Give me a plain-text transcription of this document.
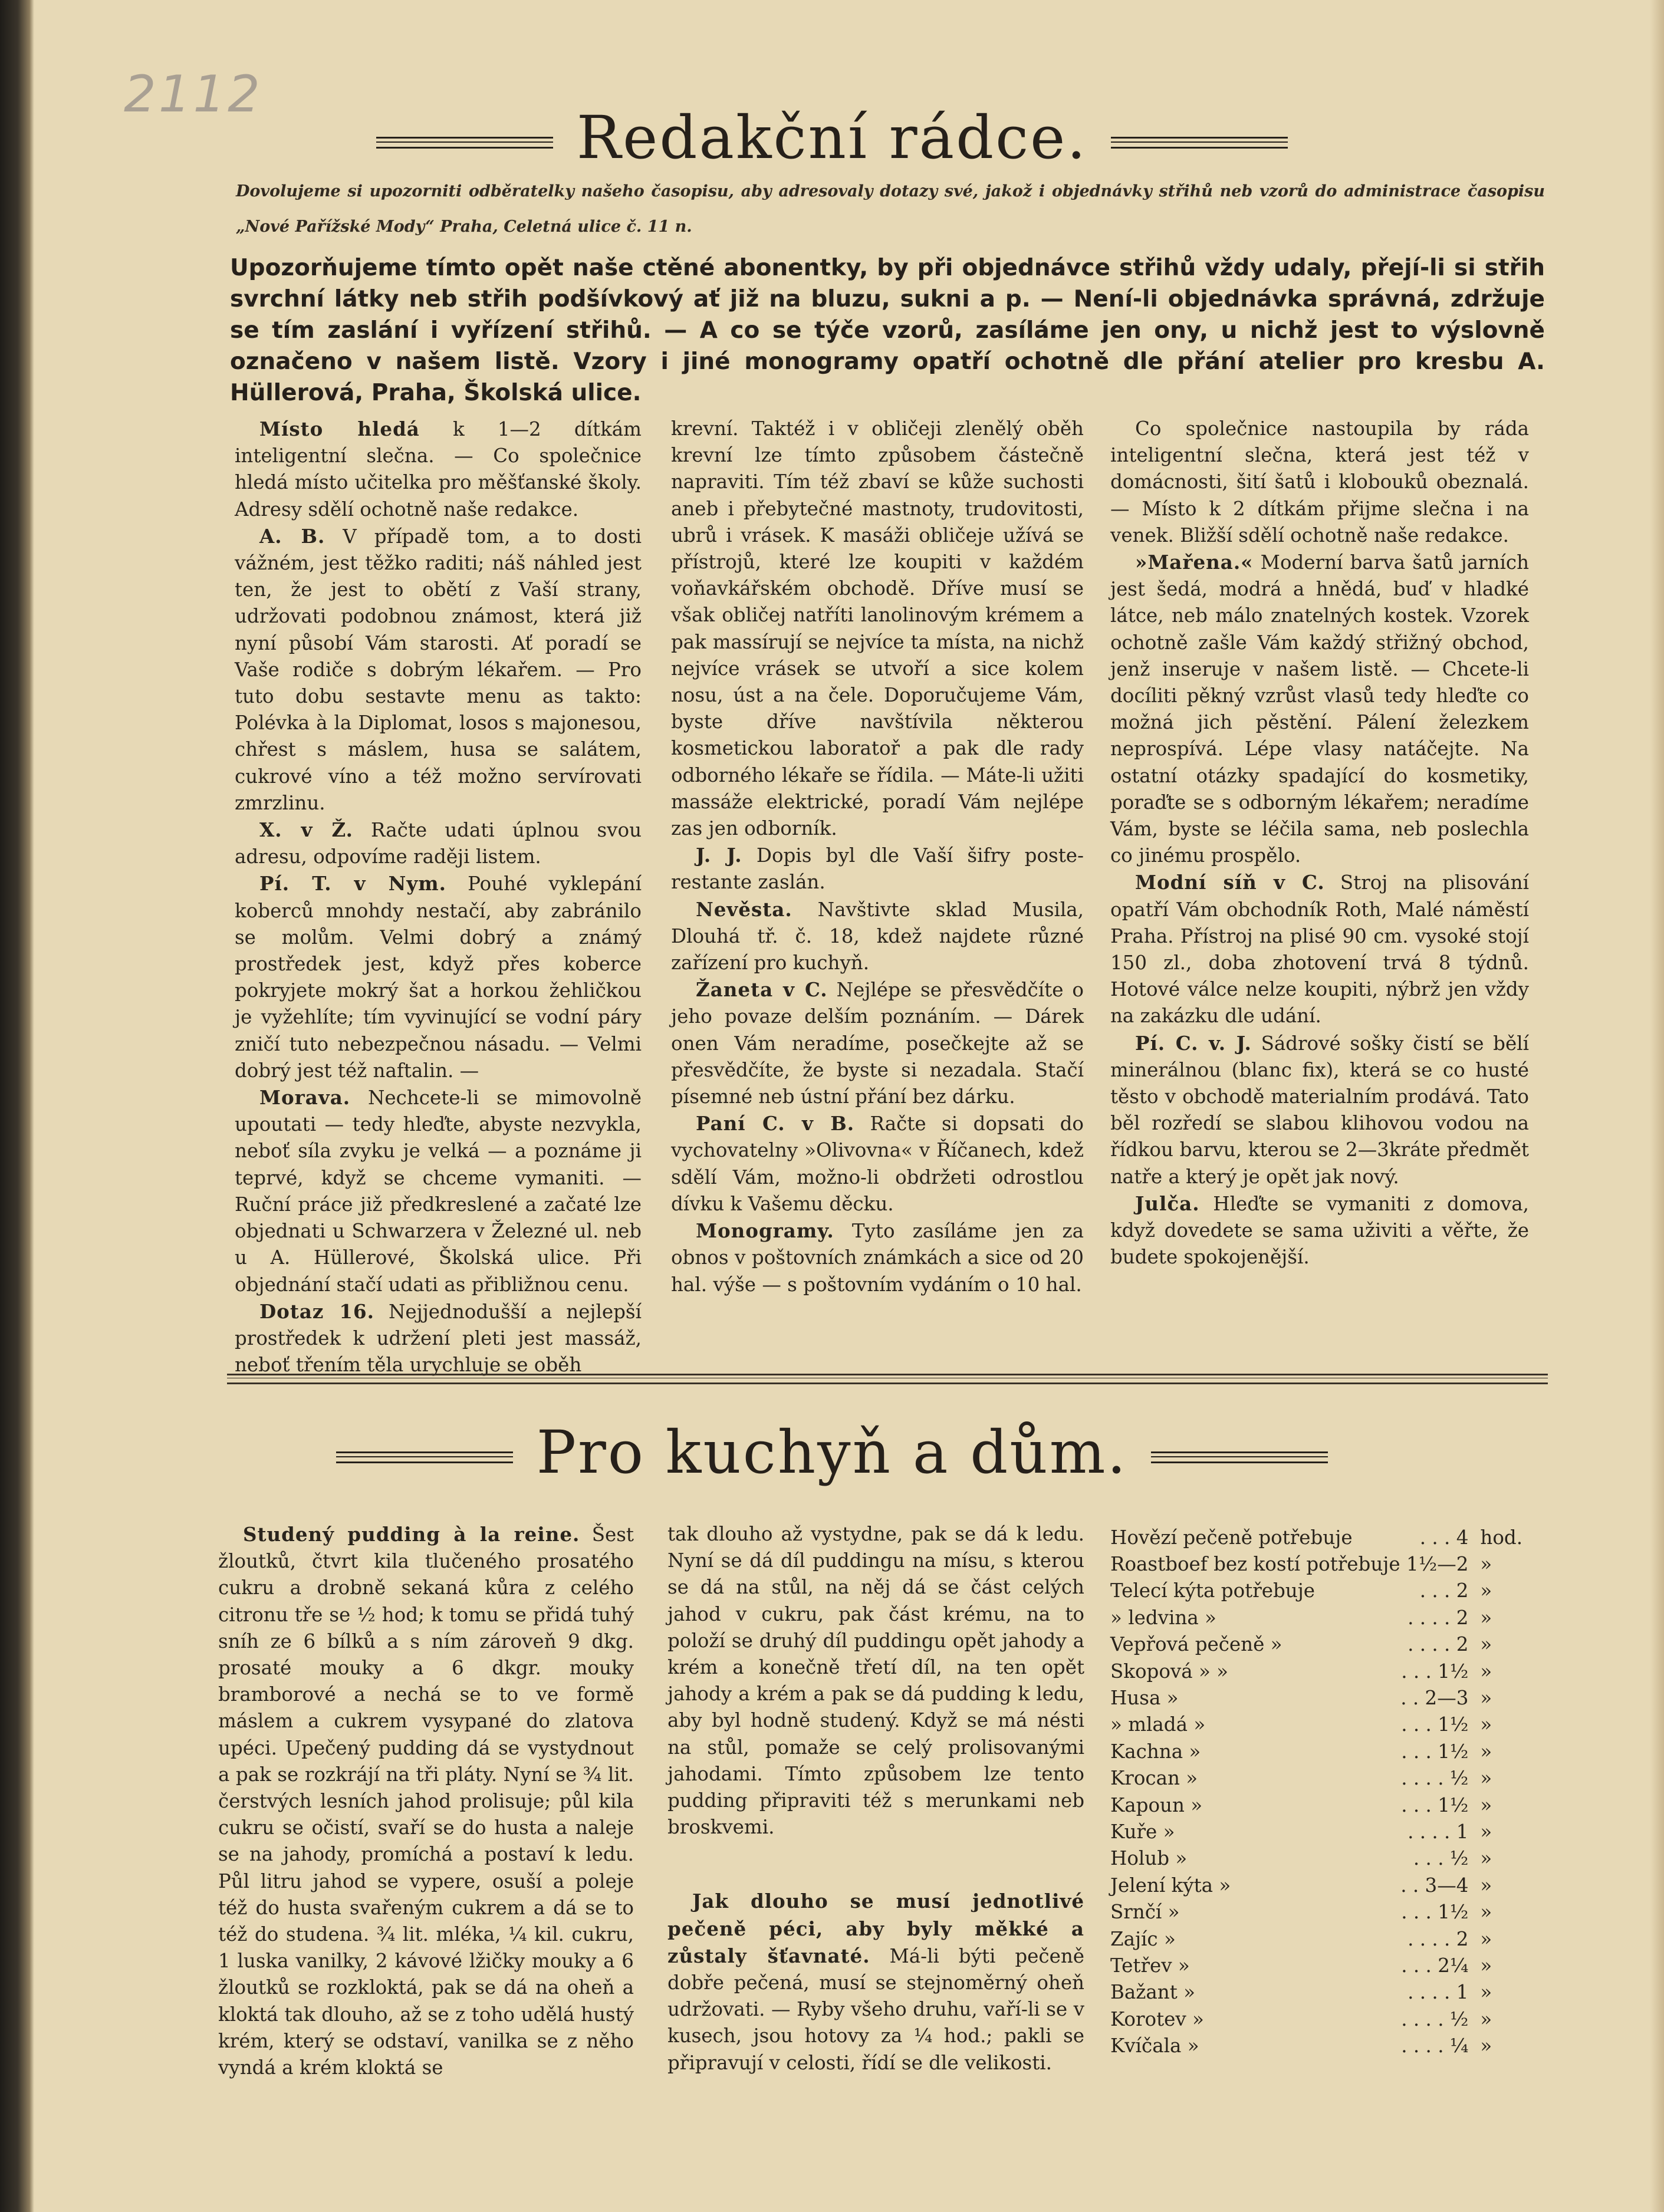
2112
Redakční rádce.
Dovolujeme si upozorniti odběratelky našeho časopisu, aby adresovaly dotazy své, jakož i objednávky střihů neb vzorů do administrace časopisu „Nové Pařížské Mody“ Praha, Celetná ulice č. 11 n.
Upozorňujeme tímto opět naše ctěné abonentky, by při objednávce střihů vždy udaly, přejí-li si střih svrchní látky neb střih podšívkový ať již na bluzu, sukni a p. — Není-li objednávka správná, zdržuje se tím zaslání i vyřízení střihů. — A co se týče vzorů, zasíláme jen ony, u nichž jest to výslovně označeno v našem listě. Vzory i jiné monogramy opatří ochotně dle přání atelier pro kresbu A. Hüllerová, Praha, Školská ulice.

Místo hledá k 1—2 dítkám inteligentní slečna. — Co společnice hledá místo učitelka pro měšťanské školy. Adresy sdělí ochotně naše redakce.

A. B. V případě tom, a to dosti vážném, jest těžko raditi; náš náhled jest ten, že jest to obětí z Vaší strany, udržovati podobnou známost, která již nyní působí Vám starosti. Ať poradí se Vaše rodiče s dobrým lékařem. — Pro tuto dobu sestavte menu as takto: Polévka à la Diplomat, losos s majonesou, chřest s máslem, husa se salátem, cukrové víno a též možno servírovati zmrzlinu.

X. v Ž. Račte udati úplnou svou adresu, odpovíme raději listem.

Pí. T. v Nym. Pouhé vyklepání koberců mnohdy nestačí, aby zabránilo se molům. Velmi dobrý a známý prostředek jest, když přes koberce pokryjete mokrý šat a horkou žehličkou je vyžehlíte; tím vyvinující se vodní páry zničí tuto nebezpečnou násadu. — Velmi dobrý jest též naftalin. —

Morava. Nechcete-li se mimovolně upoutati — tedy hleďte, abyste nezvykla, neboť síla zvyku je velká — a poznáme ji teprvé, když se chceme vymaniti. — Ruční práce již předkreslené a začaté lze objednati u Schwarzera v Železné ul. neb u A. Hüllerové, Školská ulice. Při objednání stačí udati as přibližnou cenu.

Dotaz 16. Nejjednodušší a nejlepší prostředek k udržení pleti jest massáž, neboť třením těla urychluje se oběh

krevní. Taktéž i v obličeji zlenělý oběh krevní lze tímto způsobem částečně napraviti. Tím též zbaví se kůže suchosti aneb i přebytečné mastnoty, trudovitosti, ubrů i vrásek. K masáži obličeje užívá se přístrojů, které lze koupiti v každém voňavkářském obchodě. Dříve musí se však obličej natříti lanolinovým krémem a pak massírují se nejvíce ta místa, na nichž nejvíce vrásek se utvoří a sice kolem nosu, úst a na čele. Doporučujeme Vám, byste dříve navštívila některou kosmetickou laboratoř a pak dle rady odborného lékaře se řídila. — Máte-li užiti massáže elektrické, poradí Vám nejlépe zas jen odborník.

J. J. Dopis byl dle Vaší šifry poste-restante zaslán.

Nevěsta. Navštivte sklad Musila, Dlouhá tř. č. 18, kdež najdete různé zařízení pro kuchyň.

Žaneta v C. Nejlépe se přesvědčíte o jeho povaze delším poznáním. — Dárek onen Vám neradíme, posečkejte až se přesvědčíte, že byste si nezadala. Stačí písemné neb ústní přání bez dárku.

Paní C. v B. Račte si dopsati do vychovatelny »Olivovna« v Říčanech, kdež sdělí Vám, možno-li obdržeti odrostlou dívku k Vašemu děcku.

Monogramy. Tyto zasíláme jen za obnos v poštovních známkách a sice od 20 hal. výše — s poštovním vydáním o 10 hal.

Co společnice nastoupila by ráda inteligentní slečna, která jest též v domácnosti, šití šatů i klobouků obeznalá. — Místo k 2 dítkám přijme slečna i na venek. Bližší sdělí ochotně naše redakce.

»Mařena.« Moderní barva šatů jarních jest šedá, modrá a hnědá, buď v hladké látce, neb málo znatelných kostek. Vzorek ochotně zašle Vám každý střižný obchod, jenž inseruje v našem listě. — Chcete-li docíliti pěkný vzrůst vlasů tedy hleďte co možná jich pěstění. Pálení železkem neprospívá. Lépe vlasy natáčejte. Na ostatní otázky spadající do kosmetiky, poraďte se s odborným lékařem; neradíme Vám, byste se léčila sama, neb poslechla co jinému prospělo.

Modní síň v C. Stroj na plisování opatří Vám obchodník Roth, Malé náměstí Praha. Přístroj na plisé 90 cm. vysoké stojí 150 zl., doba zhotovení trvá 8 týdnů. Hotové válce nelze koupiti, nýbrž jen vždy na zakázku dle udání.

Pí. C. v. J. Sádrové sošky čistí se bělí minerálnou (blanc fix), která se co husté těsto v obchodě materialním prodává. Tato běl rozředí se slabou klihovou vodou na řídkou barvu, kterou se 2—3kráte předmět natře a který je opět jak nový.

Julča. Hleďte se vymaniti z domova, když dovedete se sama uživiti a věřte, že budete spokojenější.

Pro kuchyň a dům.

Studený pudding à la reine. Šest žloutků, čtvrt kila tlučeného prosatého cukru a drobně sekaná kůra z celého citronu tře se ½ hod; k tomu se přidá tuhý sníh ze 6 bílků a s ním zároveň 9 dkg. prosaté mouky a 6 dkgr. mouky bramborové a nechá se to ve formě máslem a cukrem vysypané do zlatova upéci. Upečený pudding dá se vystydnout a pak se rozkrájí na tři pláty. Nyní se ¾ lit. čerstvých lesních jahod prolisuje; půl kila cukru se očistí, svaří se do husta a naleje se na jahody, promíchá a postaví k ledu. Půl litru jahod se vypere, osuší a poleje též do husta svařeným cukrem a dá se to též do studena. ¾ lit. mléka, ¼ kil. cukru, 1 luska vanilky, 2 kávové lžičky mouky a 6 žloutků se rozkloktá, pak se dá na oheň a kloktá tak dlouho, až se z toho udělá hustý krém, který se odstaví, vanilka se z něho vyndá a krém kloktá se

tak dlouho až vystydne, pak se dá k ledu. Nyní se dá díl puddingu na mísu, s kterou se dá na stůl, na něj dá se část celých jahod v cukru, pak část krému, na to položí se druhý díl puddingu opět jahody a krém a konečně třetí díl, na ten opět jahody a krém a pak se dá pudding k ledu, aby byl hodně studený. Když se má nésti na stůl, pomaže se celý prolisovanými jahodami. Tímto způsobem lze tento pudding připraviti též s merunkami neb broskvemi.

Jak dlouho se musí jednotlivé pečeně péci, aby byly měkké a zůstaly šťavnaté. Má-li býti pečeně dobře pečená, musí se stejnoměrný oheň udržovati. — Ryby všeho druhu, vaří-li se v kusech, jsou hotovy za ¼ hod.; pakli se připravují v celosti, řídí se dle velikosti.

Hovězí pečeně potřebuje	. . . 4	hod.
Roastboef bez kostí potřebuje	1½—2	»
Telecí kýta potřebuje	. . . 2	»
» ledvina »	. . . . 2	»
Vepřová pečeně »	. . . . 2	»
Skopová » »	. . . 1½	»
Husa »	. . 2—3	»
» mladá »	. . . 1½	»
Kachna »	. . . 1½	»
Krocan »	. . . . ½	»
Kapoun »	. . . 1½	»
Kuře »	. . . . 1	»
Holub »	. . . ½	»
Jelení kýta »	. . 3—4	»
Srnčí »	. . . 1½	»
Zajíc »	. . . . 2	»
Tetřev »	. . . 2¼	»
Bažant »	. . . . 1	»
Korotev »	. . . . ½	»
Kvíčala »	. . . . ¼	»
